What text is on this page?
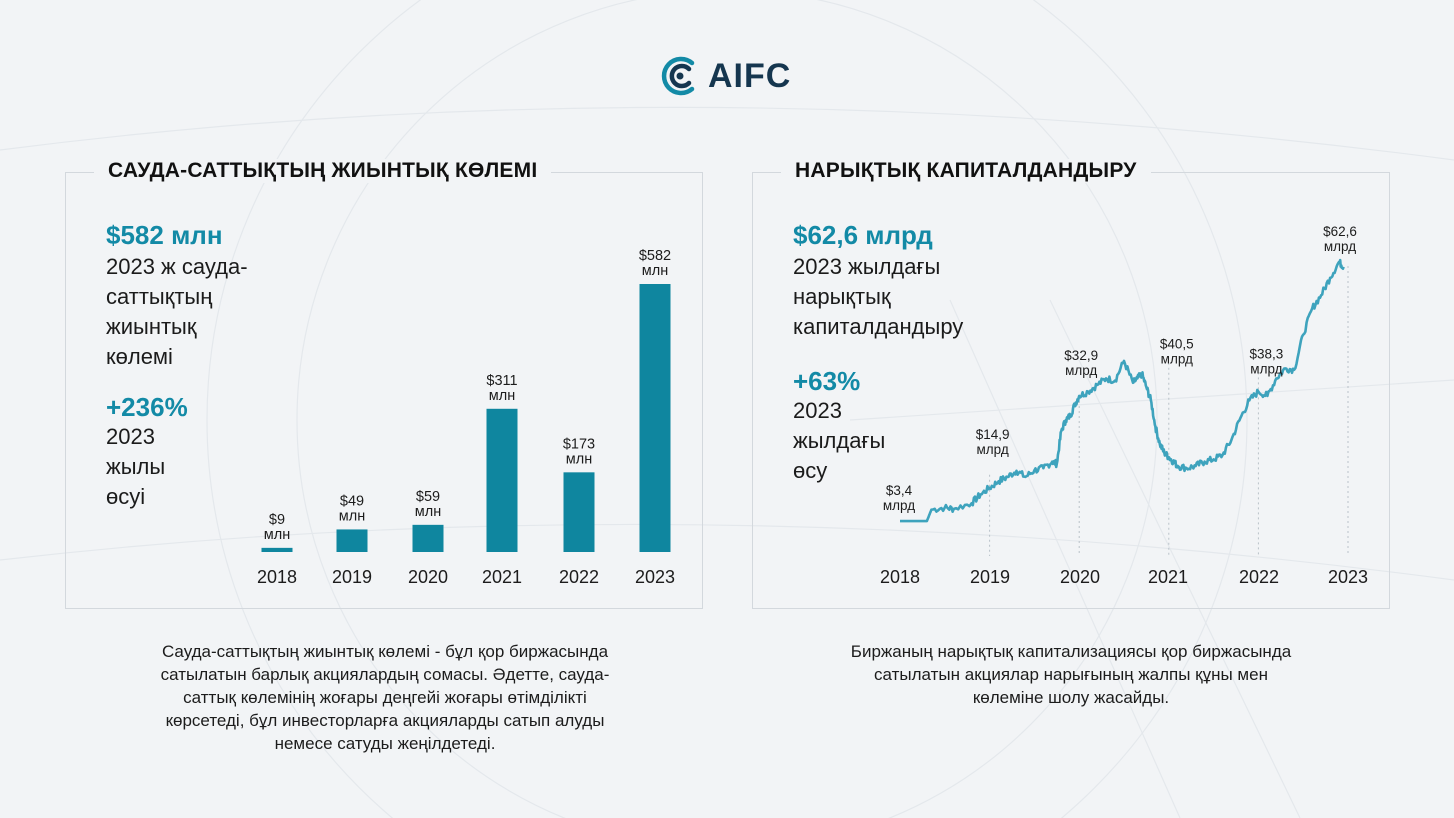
AIFC
САУДА-САТТЫҚТЫҢ ЖИЫНТЫҚ КӨЛЕМІ
$582 млн
2023 ж сауда-
саттықтың
жиынтық
көлемі
+236%
2023
жылы
өсуі
$9 млн
2018
$49 млн
2019
$59 млн
2020
$311 млн
2021
$173 млн
2022
$582 млн
2023
Сауда-саттықтың жиынтық көлемі - бұл қор биржасында
сатылатын барлық акциялардың сомасы. Әдетте, сауда-
саттық көлемінің жоғары деңгейі жоғары өтімділікті
көрсетеді, бұл инвесторларға акцияларды сатып алуды
немесе сатуды жеңілдетеді.
НАРЫҚТЫҚ КАПИТАЛДАНДЫРУ
$62,6 млрд
2023 жылдағы
нарықтық
капиталдандыру
+63%
2023
жылдағы
өсу
$3,4 млрд
$14,9 млрд
$32,9 млрд
$40,5 млрд	$38,3 млрд
$62,6 млрд
2018	2019	2020	2021	2022	2023
Биржаның нарықтық капитализациясы қор биржасында
сатылатын акциялар нарығының жалпы құны мен
көлеміне шолу жасайды.
